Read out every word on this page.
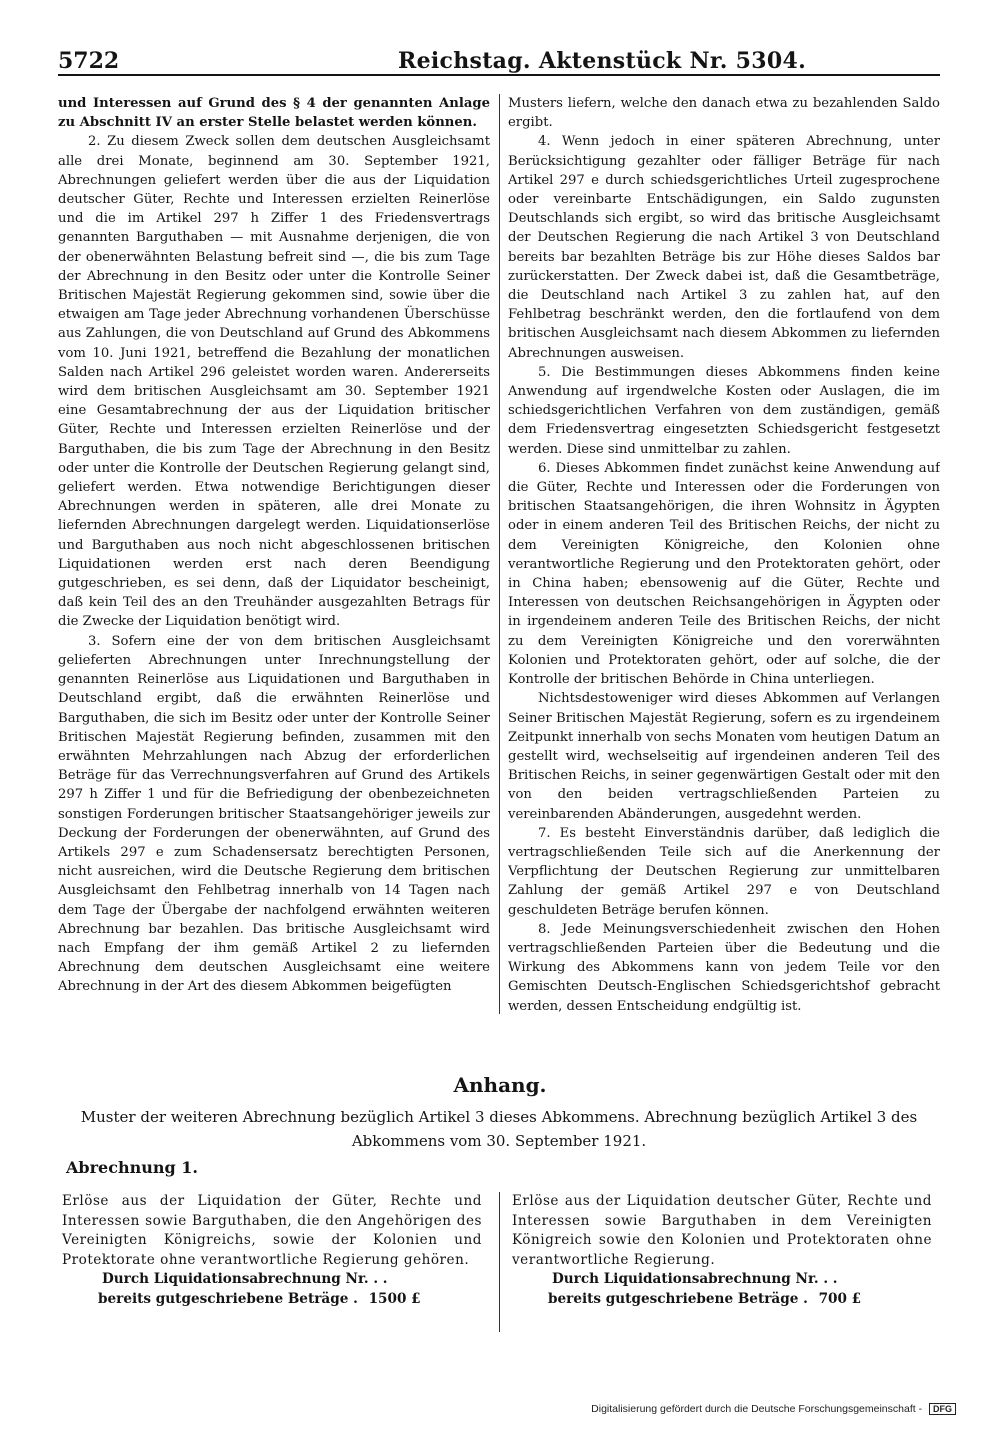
5722	Reichstag. Aktenstück Nr. 5304.

und Interessen auf Grund des § 4 der genannten Anlage zu Abschnitt IV an erster Stelle belastet werden können.

2. Zu diesem Zweck sollen dem deutschen Ausgleichsamt alle drei Monate, beginnend am 30. September 1921, Abrechnungen geliefert werden über die aus der Liquidation deutscher Güter, Rechte und Interessen erzielten Reinerlöse und die im Artikel 297 h Ziffer 1 des Friedensvertrags genannten Barguthaben — mit Ausnahme derjenigen, die von der obenerwähnten Belastung befreit sind —, die bis zum Tage der Abrechnung in den Besitz oder unter die Kontrolle Seiner Britischen Majestät Regierung gekommen sind, sowie über die etwaigen am Tage jeder Abrechnung vorhandenen Überschüsse aus Zahlungen, die von Deutschland auf Grund des Abkommens vom 10. Juni 1921, betreffend die Bezahlung der monatlichen Salden nach Artikel 296 geleistet worden waren. Andererseits wird dem britischen Ausgleichsamt am 30. September 1921 eine Gesamtabrechnung der aus der Liquidation britischer Güter, Rechte und Interessen erzielten Reinerlöse und der Barguthaben, die bis zum Tage der Abrechnung in den Besitz oder unter die Kontrolle der Deutschen Regierung gelangt sind, geliefert werden. Etwa notwendige Berichtigungen dieser Abrechnungen werden in späteren, alle drei Monate zu liefernden Abrechnungen dargelegt werden. Liquidationserlöse und Barguthaben aus noch nicht abgeschlossenen britischen Liquidationen werden erst nach deren Beendigung gutgeschrieben, es sei denn, daß der Liquidator bescheinigt, daß kein Teil des an den Treuhänder ausgezahlten Betrags für die Zwecke der Liquidation benötigt wird.

3. Sofern eine der von dem britischen Ausgleichsamt gelieferten Abrechnungen unter Inrechnungstellung der genannten Reinerlöse aus Liquidationen und Barguthaben in Deutschland ergibt, daß die erwähnten Reinerlöse und Barguthaben, die sich im Besitz oder unter der Kontrolle Seiner Britischen Majestät Regierung befinden, zusammen mit den erwähnten Mehrzahlungen nach Abzug der erforderlichen Beträge für das Verrechnungsverfahren auf Grund des Artikels 297 h Ziffer 1 und für die Befriedigung der obenbezeichneten sonstigen Forderungen britischer Staatsangehöriger jeweils zur Deckung der Forderungen der obenerwähnten, auf Grund des Artikels 297 e zum Schadensersatz berechtigten Personen, nicht ausreichen, wird die Deutsche Regierung dem britischen Ausgleichsamt den Fehlbetrag innerhalb von 14 Tagen nach dem Tage der Übergabe der nachfolgend erwähnten weiteren Abrechnung bar bezahlen. Das britische Ausgleichsamt wird nach Empfang der ihm gemäß Artikel 2 zu liefernden Abrechnung dem deutschen Ausgleichsamt eine weitere Abrechnung in der Art des diesem Abkommen beigefügten

Musters liefern, welche den danach etwa zu bezahlenden Saldo ergibt.

4. Wenn jedoch in einer späteren Abrechnung, unter Berücksichtigung gezahlter oder fälliger Beträge für nach Artikel 297 e durch schiedsgerichtliches Urteil zugesprochene oder vereinbarte Entschädigungen, ein Saldo zugunsten Deutschlands sich ergibt, so wird das britische Ausgleichsamt der Deutschen Regierung die nach Artikel 3 von Deutschland bereits bar bezahlten Beträge bis zur Höhe dieses Saldos bar zurückerstatten. Der Zweck dabei ist, daß die Gesamtbeträge, die Deutschland nach Artikel 3 zu zahlen hat, auf den Fehlbetrag beschränkt werden, den die fortlaufend von dem britischen Ausgleichsamt nach diesem Abkommen zu liefernden Abrechnungen ausweisen.

5. Die Bestimmungen dieses Abkommens finden keine Anwendung auf irgendwelche Kosten oder Auslagen, die im schiedsgerichtlichen Verfahren von dem zuständigen, gemäß dem Friedensvertrag eingesetzten Schiedsgericht festgesetzt werden. Diese sind unmittelbar zu zahlen.

6. Dieses Abkommen findet zunächst keine Anwendung auf die Güter, Rechte und Interessen oder die Forderungen von britischen Staatsangehörigen, die ihren Wohnsitz in Ägypten oder in einem anderen Teil des Britischen Reichs, der nicht zu dem Vereinigten Königreiche, den Kolonien ohne verantwortliche Regierung und den Protektoraten gehört, oder in China haben; ebensowenig auf die Güter, Rechte und Interessen von deutschen Reichsangehörigen in Ägypten oder in irgendeinem anderen Teile des Britischen Reichs, der nicht zu dem Vereinigten Königreiche und den vorerwähnten Kolonien und Protektoraten gehört, oder auf solche, die der Kontrolle der britischen Behörde in China unterliegen.

Nichtsdestoweniger wird dieses Abkommen auf Verlangen Seiner Britischen Majestät Regierung, sofern es zu irgendeinem Zeitpunkt innerhalb von sechs Monaten vom heutigen Datum an gestellt wird, wechselseitig auf irgendeinen anderen Teil des Britischen Reichs, in seiner gegenwärtigen Gestalt oder mit den von den beiden vertragschließenden Parteien zu vereinbarenden Abänderungen, ausgedehnt werden.

7. Es besteht Einverständnis darüber, daß lediglich die vertragschließenden Teile sich auf die Anerkennung der Verpflichtung der Deutschen Regierung zur unmittelbaren Zahlung der gemäß Artikel 297 e von Deutschland geschuldeten Beträge berufen können.

8. Jede Meinungsverschiedenheit zwischen den Hohen vertragschließenden Parteien über die Bedeutung und die Wirkung des Abkommens kann von jedem Teile vor den Gemischten Deutsch-Englischen Schiedsgerichtshof gebracht werden, dessen Entscheidung endgültig ist.

Anhang.
Muster der weiteren Abrechnung bezüglich Artikel 3 dieses Abkommens. Abrechnung bezüglich Artikel 3 des Abkommens vom 30. September 1921.
Abrechnung 1.
Erlöse aus der Liquidation der Güter, Rechte und Interessen sowie Barguthaben, die den Angehörigen des Vereinigten Königreichs, sowie der Kolonien und Protektorate ohne verantwortliche Regierung gehören.
Durch Liquidationsabrechnung Nr. . .
bereits gutgeschriebene Beträge . 1500 £
Erlöse aus der Liquidation deutscher Güter, Rechte und Interessen sowie Barguthaben in dem Vereinigten Königreich sowie den Kolonien und Protektoraten ohne verantwortliche Regierung.
Durch Liquidationsabrechnung Nr. . .
bereits gutgeschriebene Beträge . 700 £
Digitalisierung gefördert durch die Deutsche Forschungsgemeinschaft - DFG
